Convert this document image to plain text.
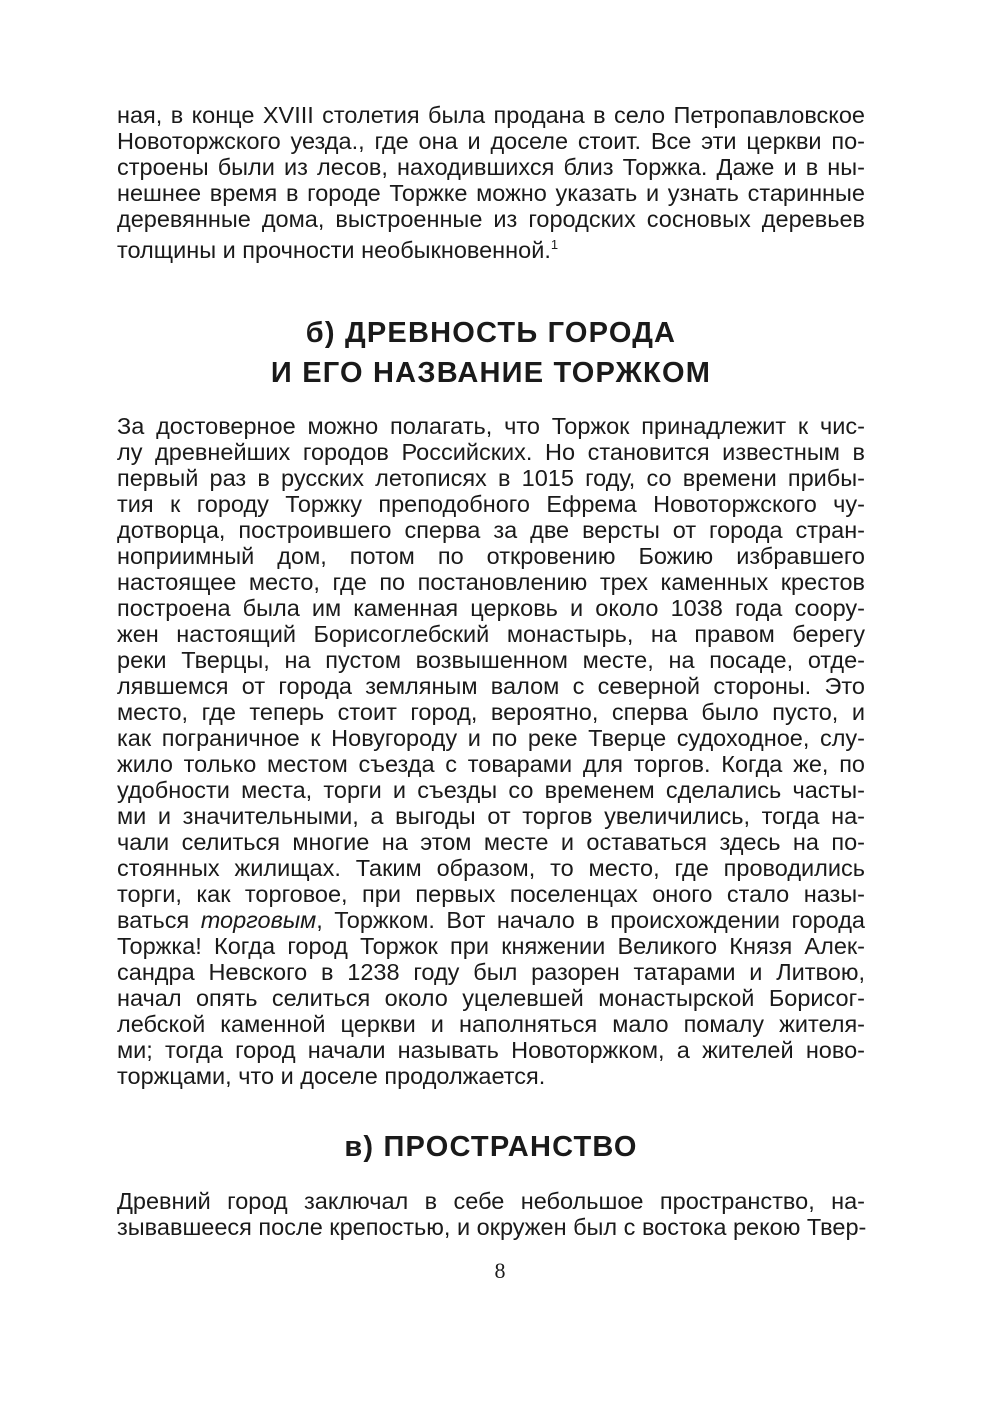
ная, в конце XVIII столетия была продана в село Петропавловское
Новоторжского уезда., где она и доселе стоит. Все эти церкви по-
строены были из лесов, находившихся близ Торжка. Даже и в ны-
нешнее время в городе Торжке можно указать и узнать старинные
деревянные дома, выстроенные из городских сосновых деревьев
толщины и прочности необыкновенной.$^1$
б) ДРЕВНОСТЬ ГОРОДА
И ЕГО НАЗВАНИЕ ТОРЖКОМ
За достоверное можно полагать, что Торжок принадлежит к чис-
лу древнейших городов Российских. Но становится известным в
первый раз в русских летописях в 1015 году, со времени прибы-
тия к городу Торжку преподобного Ефрема Новоторжского чу-
дотворца, построившего сперва за две версты от города стран-
ноприимный дом, потом по откровению Божию избравшего
настоящее место, где по постановлению трех каменных крестов
построена была им каменная церковь и около 1038 года соору-
жен настоящий Борисоглебский монастырь, на правом берегу
реки Тверцы, на пустом возвышенном месте, на посаде, отде-
лявшемся от города земляным валом с северной стороны. Это
место, где теперь стоит город, вероятно, сперва было пусто, и
как пограничное к Новугороду и по реке Тверце судоходное, слу-
жило только местом съезда с товарами для торгов. Когда же, по
удобности места, торги и съезды со временем сделались часты-
ми и значительными, а выгоды от торгов увеличились, тогда на-
чали селиться многие на этом месте и оставаться здесь на по-
стоянных жилищах. Таким образом, то место, где проводились
торги, как торговое, при первых поселенцах оного стало назы-
ваться торговым, Торжком. Вот начало в происхождении города
Торжка! Когда город Торжок при княжении Великого Князя Алек-
сандра Невского в 1238 году был разорен татарами и Литвою,
начал опять селиться около уцелевшей монастырской Борисог-
лебской каменной церкви и наполняться мало помалу жителя-
ми; тогда город начали называть Новоторжком, а жителей ново-
торжцами, что и доселе продолжается.
в) ПРОСТРАНСТВО
Древний город заключал в себе небольшое пространство, на-
зывавшееся после крепостью, и окружен был с востока рекою Твер-
8
